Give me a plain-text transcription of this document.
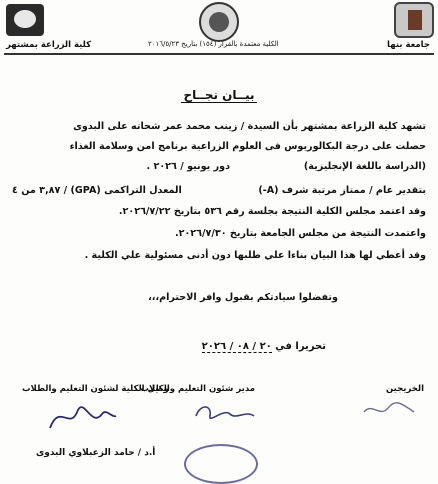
جامعة بنها
الكلية معتمدة بالقرار (١٥٤) بتاريخ ٢٠١٦/٥/٢٣
كلية الزراعة بمشتهر
بيــان نجــاح
تشهد كلية الزراعة بمشتهر بأن السيدة / زينب محمد عمر شحاته على البدوى
حصلت على درجة البكالوريوس فى العلوم الزراعية برنامج امن وسلامة الغذاء
(الدراسة باللغة الإنجليزية)
دور يونيو / ٢٠٢٦ .
بتقدير عام / ممتاز مرتبة شرف (A-)
المعدل التراكمى (GPA) / ٣,٨٧ من ٤
وقد اعتمد مجلس الكلية النتيجة بجلسة رقم ٥٣٦ بتاريخ ٢٠٢٦/٧/٢٢.
واعتمدت النتيجة من مجلس الجامعة بتاريخ ٢٠٢٦/٧/٣٠.
وقد أعطي لها هذا البيان بناءا علي طلبها دون أدنى مسئولية علي الكلية .
وتفضلوا سيادتكم بقبول وافر الاحترام،،،
تحريرا في ٢٠ / ٠٨ / ٢٠٢٦
الخريجين
مدير شئون التعليم والطلاب
وكيل الكلية لشئون التعليم والطلاب
أ.د / حامد الزعبلاوي البدوى
